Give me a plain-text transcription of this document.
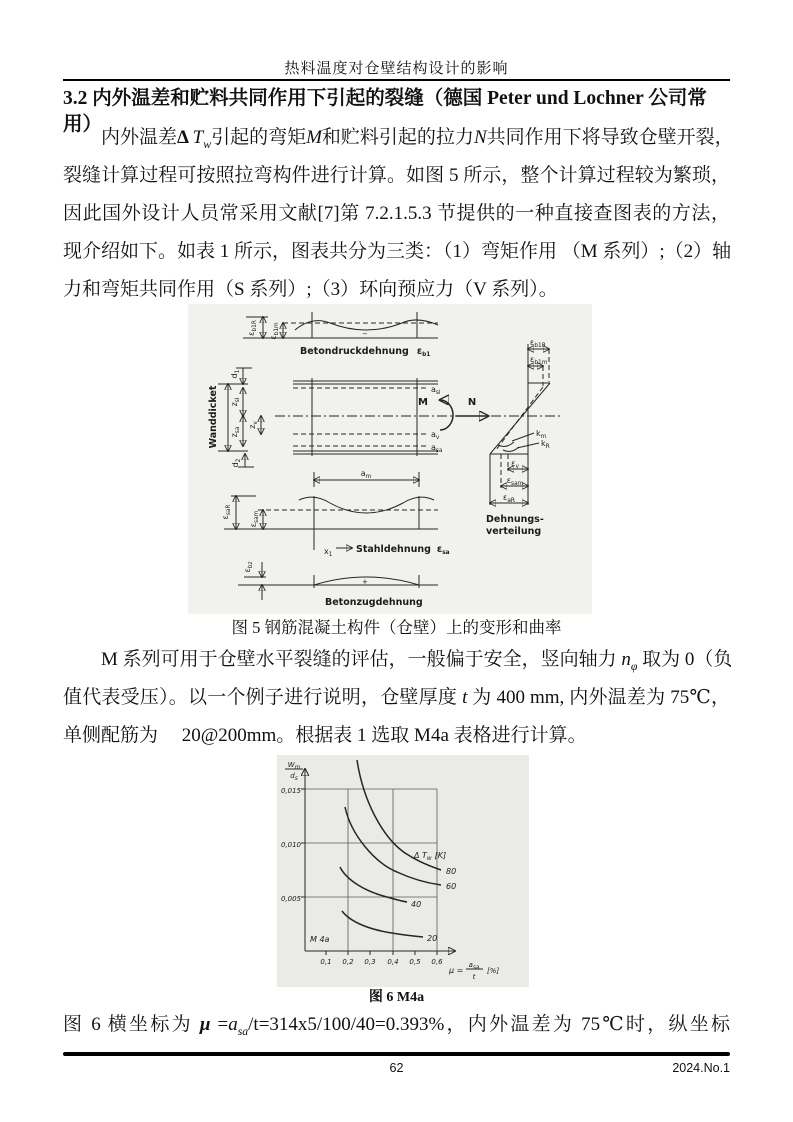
热料温度对仓壁结构设计的影响
3.2 内外温差和贮料共同作用下引起的裂缝（德国 Peter und Lochner 公司常用）
内外温差Δ $T_w$引起的弯矩M和贮料引起的拉力N共同作用下将导致仓壁开裂，
裂缝计算过程可按照拉弯构件进行计算。如图 5 所示，整个计算过程较为繁琐，
因此国外设计人员常采用文献[7]第 7.2.1.5.3 节提供的一种直接查图表的方法，
现介绍如下。如表 1 所示，图表共分为三类：（1）弯矩作用 （M 系列）;（2）轴
力和弯矩共同作用（S 系列）;（3）环向预应力（V 系列）。
−
$\varepsilon_{b1R}$
$\varepsilon_{b1m}$
Betondruckdehnung $\varepsilon_{b1}$
$a_{si}$
$a_v$
$a_{sa}$
Wanddicket
$d_1$
$z_{si}$
$z_v$
$z_{sa}$
$d_2$
M	N
$\varepsilon_{b1R}$
$\varepsilon_{b1m}$
$k_m$
$k_R$
$\varepsilon_v$
$\varepsilon_{sam}$
$\varepsilon_{aR}$
Dehnungs-
verteilung
$a_m$
$\varepsilon_{saR}$
$\varepsilon_{sam}$
$x_1$ Stahldehnung $\varepsilon_{sa}$
+
$\varepsilon_{bz}$
Betonzugdehnung
图 5 钢筋混凝土构件（仓壁）上的变形和曲率
M 系列可用于仓壁水平裂缝的评估，一般偏于安全，竖向轴力 $n_\varphi$ 取为 0（负
值代表受压）。以一个例子进行说明，仓壁厚度 t 为 400 mm, 内外温差为 75℃，
单侧配筋为　 20@200mm。根据表 1 选取 M4a 表格进行计算。
$W_m$
$d_s$
0,015
0,010
0,005
0,1 0,2 0,3 0,4 0,5 0,6
μ =
$a_{sa}$
t
[%]
Δ $T_w$ [K]
80
60
40
20
M 4a
图 6 M4a
图 6 横坐标为 $\mu =a_{sa}/t=314x5/100/40=0.393\%$，内外温差为 75℃时，纵坐标
62	2024.No.1
